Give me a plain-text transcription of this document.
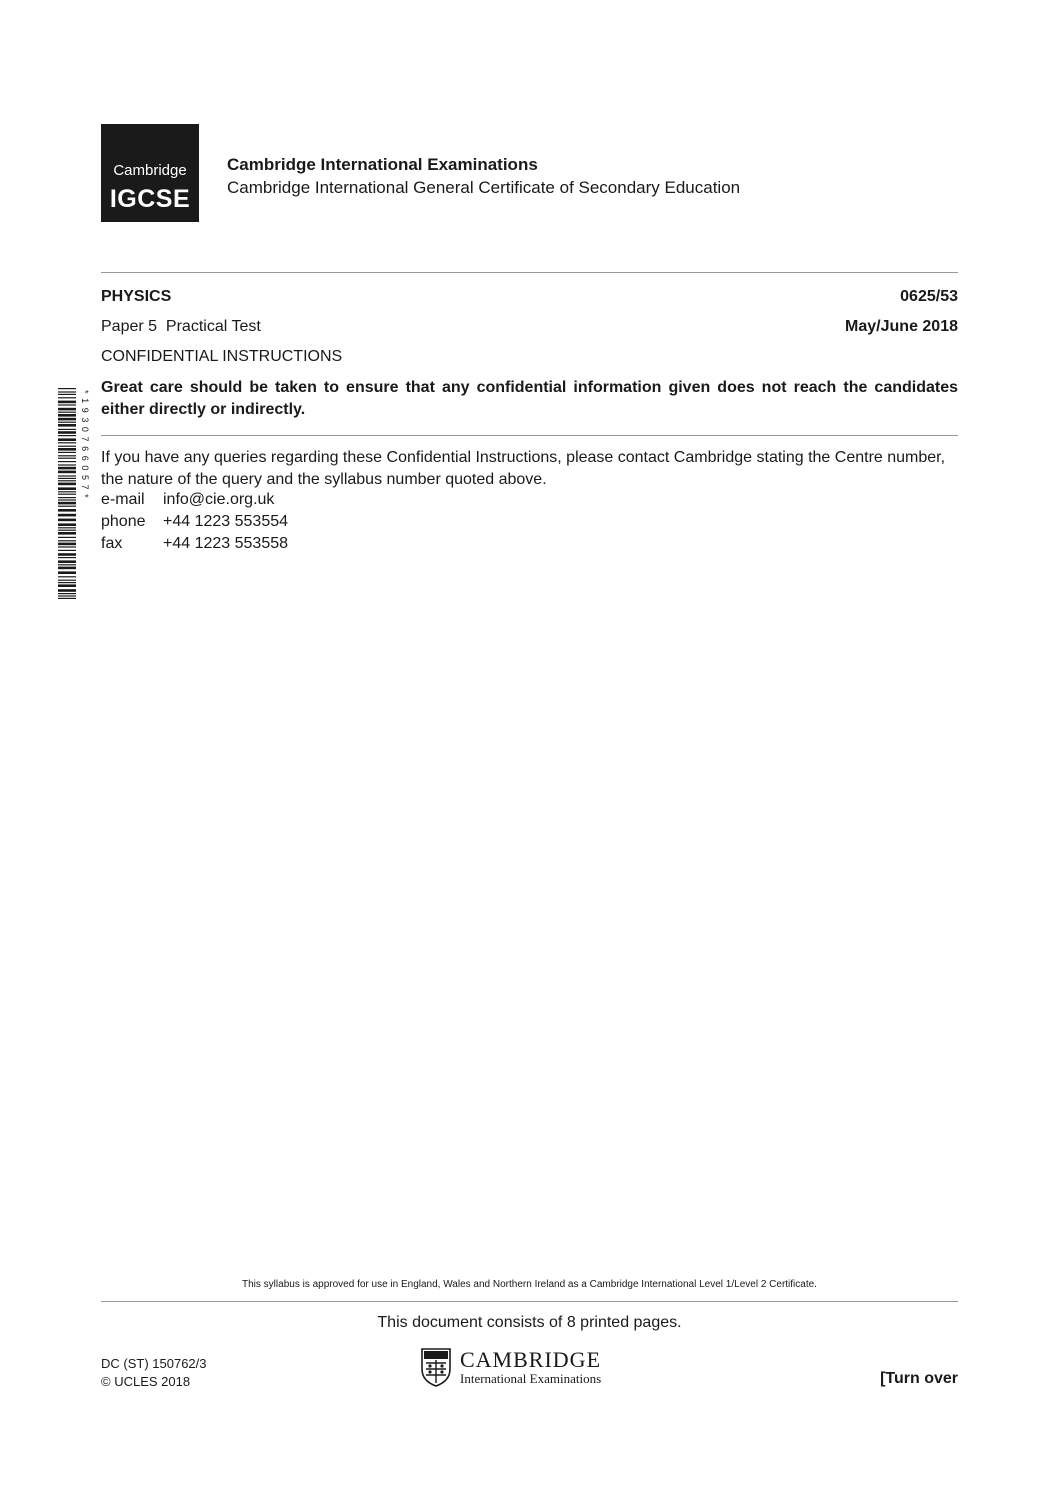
Cambridge
IGCSE
Cambridge International Examinations
Cambridge International General Certificate of Secondary Education
PHYSICS	0625/53
Paper 5  Practical Test	May/June 2018
CONFIDENTIAL INSTRUCTIONS
Great care should be taken to ensure that any confidential information given does not reach the candidates either directly or indirectly.
If you have any queries regarding these Confidential Instructions, please contact Cambridge stating the Centre number, the nature of the query and the syllabus number quoted above.
e-mail info@cie.org.uk
phone +44 1223 553554
fax	+44 1223 553558
*1930766057*
This syllabus is approved for use in England, Wales and Northern Ireland as a Cambridge International Level 1/Level 2 Certificate.
This document consists of 8 printed pages.
DC (ST) 150762/3
© UCLES 2018
CAMBRIDGE
International Examinations	[Turn over
